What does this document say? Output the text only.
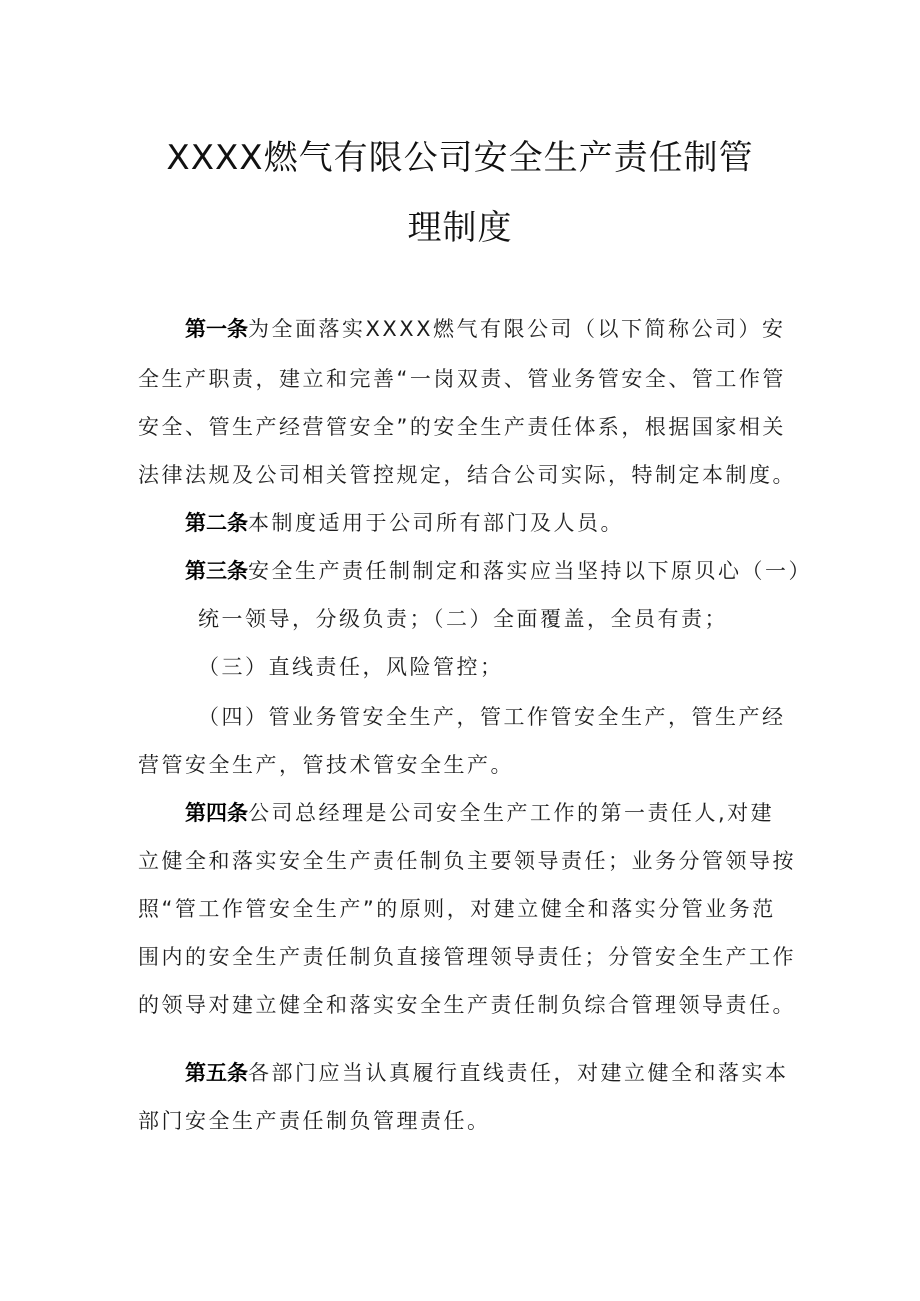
XXXX燃气有限公司安全生产责任制管
理制度
第一条为全面落实XXXX燃气有限公司（以下简称公司）安
全生产职责，建立和完善“一岗双责、管业务管安全、管工作管
安全、管生产经营管安全”的安全生产责任体系，根据国家相关
法律法规及公司相关管控规定，结合公司实际，特制定本制度。
第二条本制度适用于公司所有部门及人员。
第三条安全生产责任制制定和落实应当坚持以下原贝心（一）
统一领导，分级负责；（二）全面覆盖，全员有责；
（三）直线责任，风险管控；
（四）管业务管安全生产，管工作管安全生产，管生产经
营管安全生产，管技术管安全生产。
第四条公司总经理是公司安全生产工作的第一责任人,对建
立健全和落实安全生产责任制负主要领导责任；业务分管领导按
照“管工作管安全生产”的原则，对建立健全和落实分管业务范
围内的安全生产责任制负直接管理领导责任；分管安全生产工作
的领导对建立健全和落实安全生产责任制负综合管理领导责任。
第五条各部门应当认真履行直线责任，对建立健全和落实本
部门安全生产责任制负管理责任。
